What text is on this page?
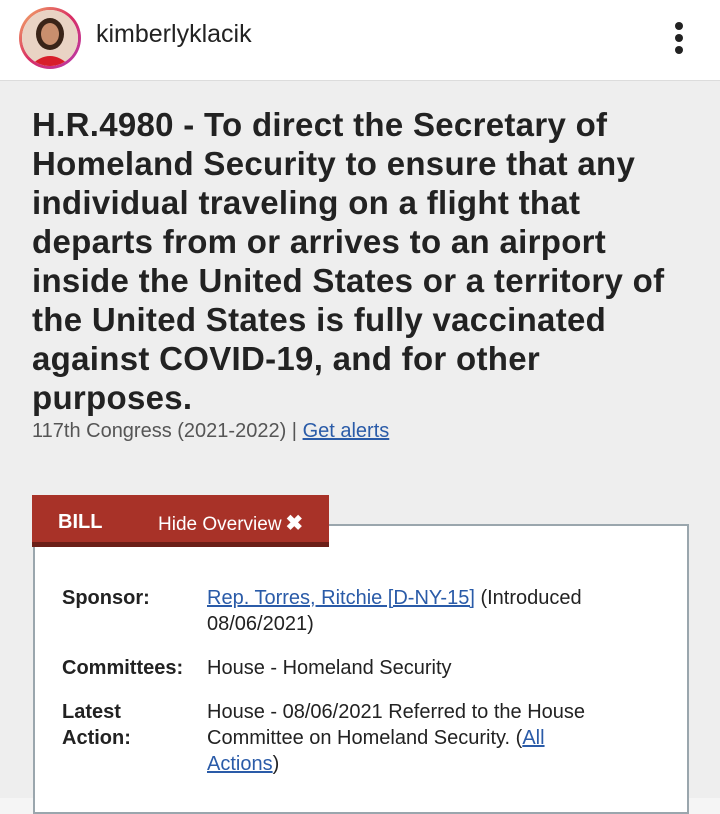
kimberlyklacik
H.R.4980 - To direct the Secretary of Homeland Security to ensure that any individual traveling on a flight that departs from or arrives to an airport inside the United States or a territory of the United States is fully vaccinated against COVID-19, and for other purposes.
117th Congress (2021-2022) | Get alerts
BILL	Hide Overview ✖
Sponsor:	Rep. Torres, Ritchie [D-NY-15] (Introduced 08/06/2021)
Committees: House - Homeland Security
Latest
Action:
House - 08/06/2021 Referred to the House Committee on Homeland Security. (All Actions)
